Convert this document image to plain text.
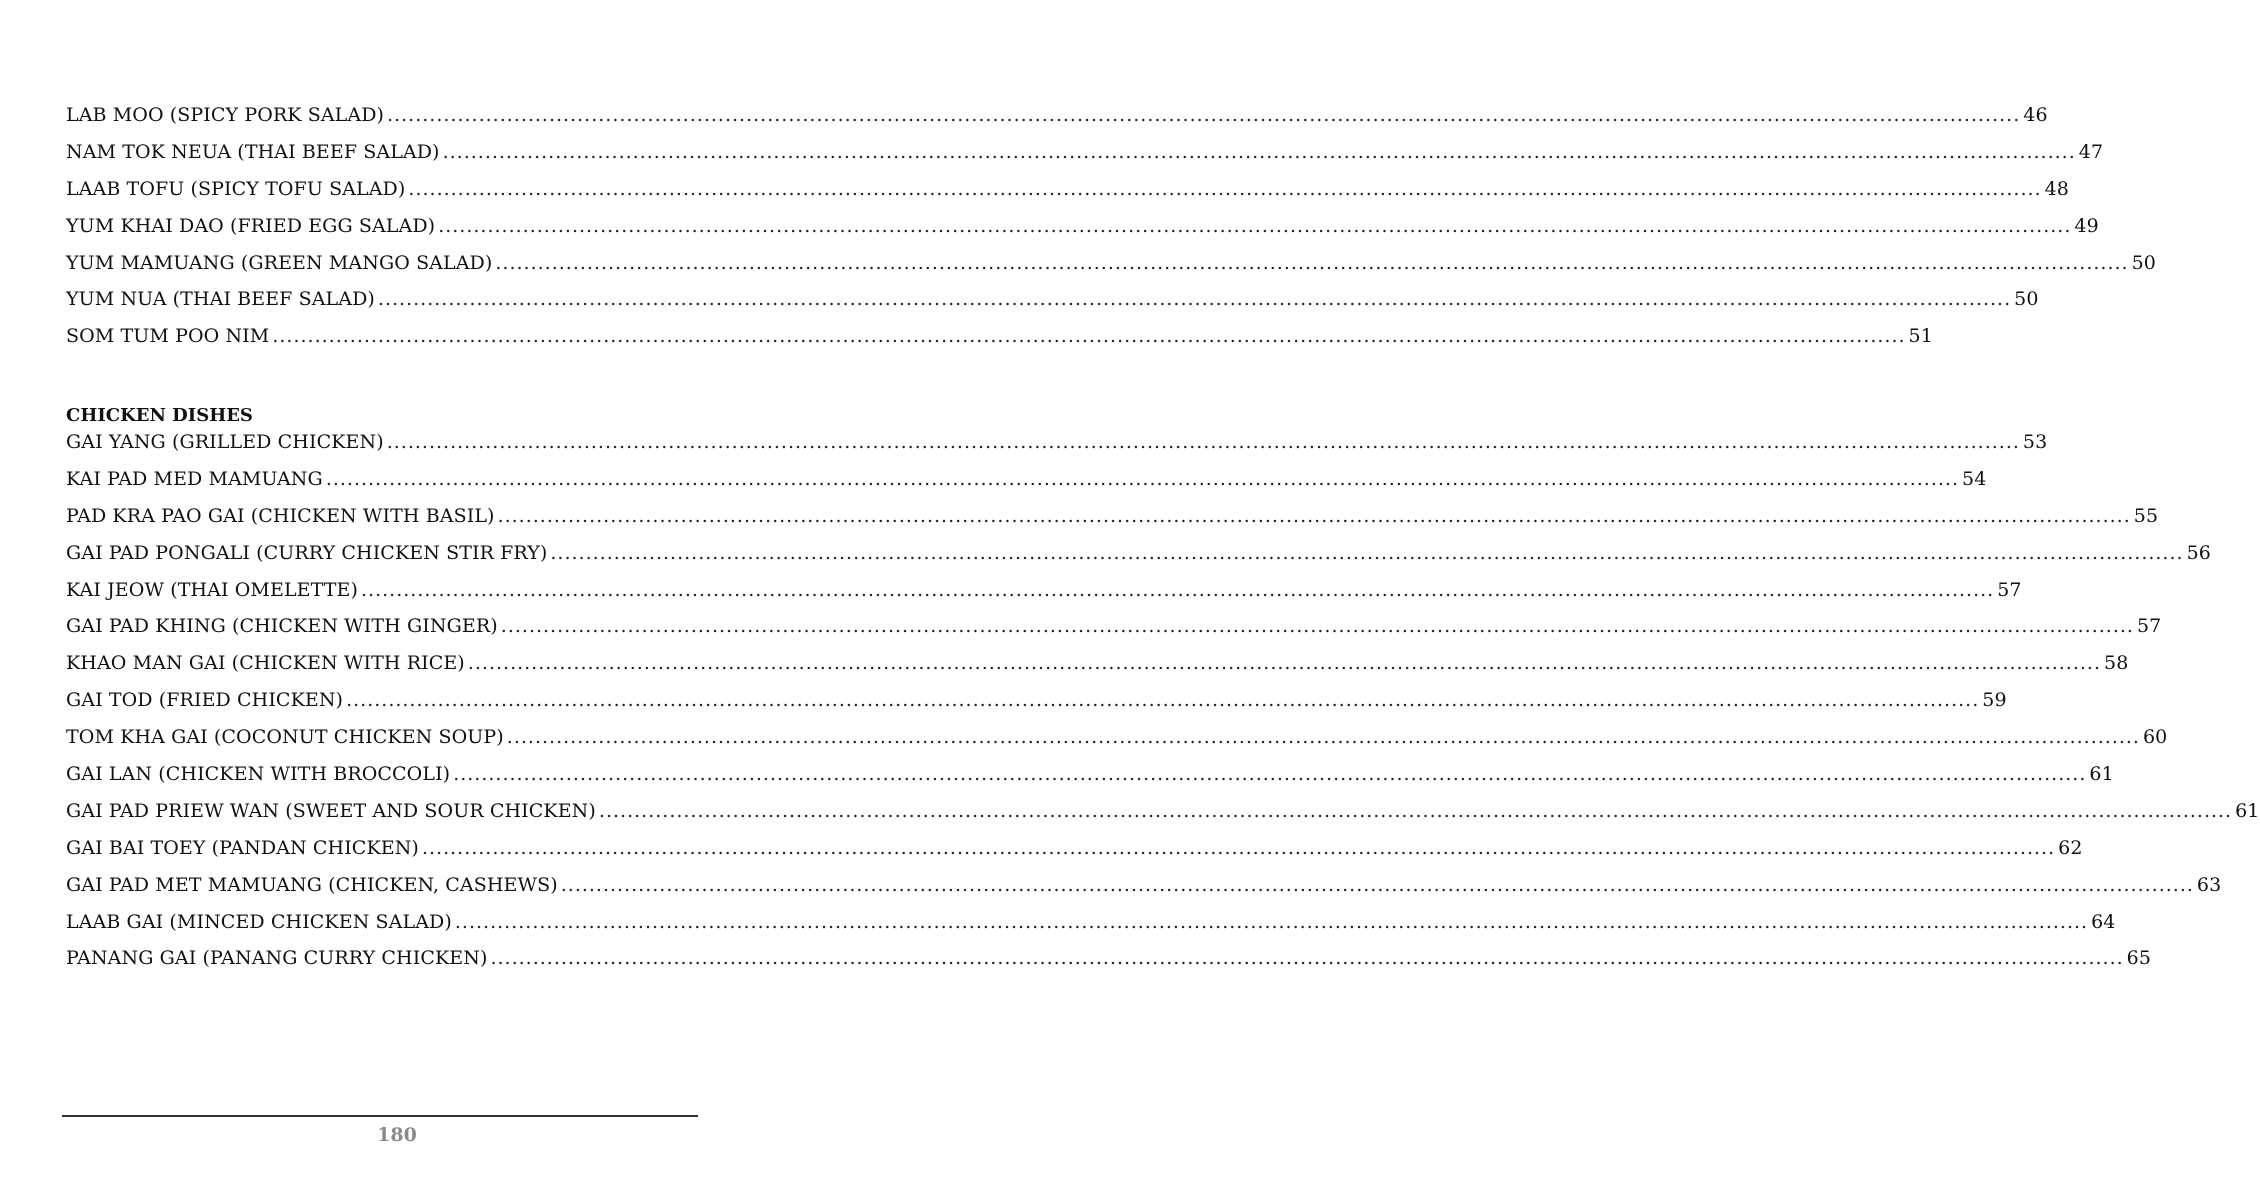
LAB MOO (SPICY PORK SALAD) .....	46
NAM TOK NEUA (THAI BEEF SALAD) .....	47
LAAB TOFU (SPICY TOFU SALAD) .....	48
YUM KHAI DAO (FRIED EGG SALAD) .....	49
YUM MAMUANG (GREEN MANGO SALAD) .....	50
YUM NUA (THAI BEEF SALAD) .....	50
SOM TUM POO NIM .....	51
CHICKEN DISHES
GAI YANG (GRILLED CHICKEN) .....	53
KAI PAD MED MAMUANG .....	54
PAD KRA PAO GAI (CHICKEN WITH BASIL) .....	55
GAI PAD PONGALI (CURRY CHICKEN STIR FRY) .....	56
KAI JEOW (THAI OMELETTE) .....	57
GAI PAD KHING (CHICKEN WITH GINGER) .....	57
KHAO MAN GAI (CHICKEN WITH RICE) .....	58
GAI TOD (FRIED CHICKEN) .....	59
TOM KHA GAI (COCONUT CHICKEN SOUP) .....	60
GAI LAN (CHICKEN WITH BROCCOLI) .....	61
GAI PAD PRIEW WAN (SWEET AND SOUR CHICKEN) .....	61
GAI BAI TOEY (PANDAN CHICKEN) .....	62
GAI PAD MET MAMUANG (CHICKEN, CASHEWS) .....	63
LAAB GAI (MINCED CHICKEN SALAD) .....	64
PANANG GAI (PANANG CURRY CHICKEN) .....	65
180
